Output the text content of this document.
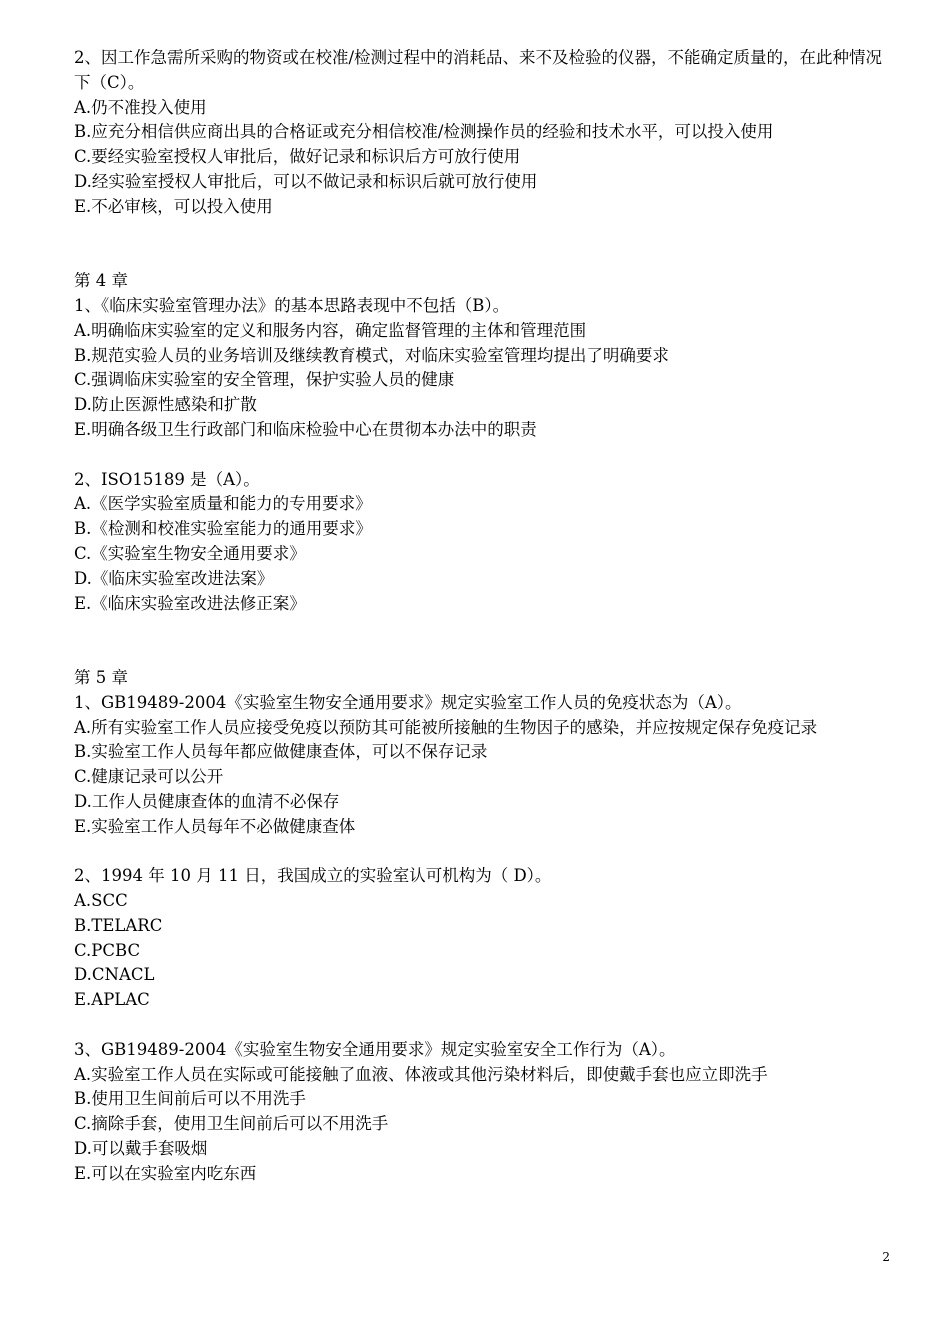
2、因工作急需所采购的物资或在校准/检测过程中的消耗品、来不及检验的仪器，不能确定质量的，在此种情况下（C）。
A.仍不准投入使用
B.应充分相信供应商出具的合格证或充分相信校准/检测操作员的经验和技术水平，可以投入使用
C.要经实验室授权人审批后，做好记录和标识后方可放行使用
D.经实验室授权人审批后，可以不做记录和标识后就可放行使用
E.不必审核，可以投入使用
第 4 章
1、《临床实验室管理办法》的基本思路表现中不包括（B）。
A.明确临床实验室的定义和服务内容，确定监督管理的主体和管理范围
B.规范实验人员的业务培训及继续教育模式，对临床实验室管理均提出了明确要求
C.强调临床实验室的安全管理，保护实验人员的健康
D.防止医源性感染和扩散
E.明确各级卫生行政部门和临床检验中心在贯彻本办法中的职责
2、ISO15189 是（A）。
A.《医学实验室质量和能力的专用要求》
B.《检测和校准实验室能力的通用要求》
C.《实验室生物安全通用要求》
D.《临床实验室改进法案》
E.《临床实验室改进法修正案》
第 5 章
1、GB19489-2004《实验室生物安全通用要求》规定实验室工作人员的免疫状态为（A）。
A.所有实验室工作人员应接受免疫以预防其可能被所接触的生物因子的感染，并应按规定保存免疫记录
B.实验室工作人员每年都应做健康查体，可以不保存记录
C.健康记录可以公开
D.工作人员健康查体的血清不必保存
E.实验室工作人员每年不必做健康查体
2、1994 年 10 月 11 日，我国成立的实验室认可机构为（ D）。
A.SCC
B.TELARC
C.PCBC
D.CNACL
E.APLAC
3、GB19489-2004《实验室生物安全通用要求》规定实验室安全工作行为（A）。
A.实验室工作人员在实际或可能接触了血液、体液或其他污染材料后，即使戴手套也应立即洗手
B.使用卫生间前后可以不用洗手
C.摘除手套，使用卫生间前后可以不用洗手
D.可以戴手套吸烟
E.可以在实验室内吃东西
2
